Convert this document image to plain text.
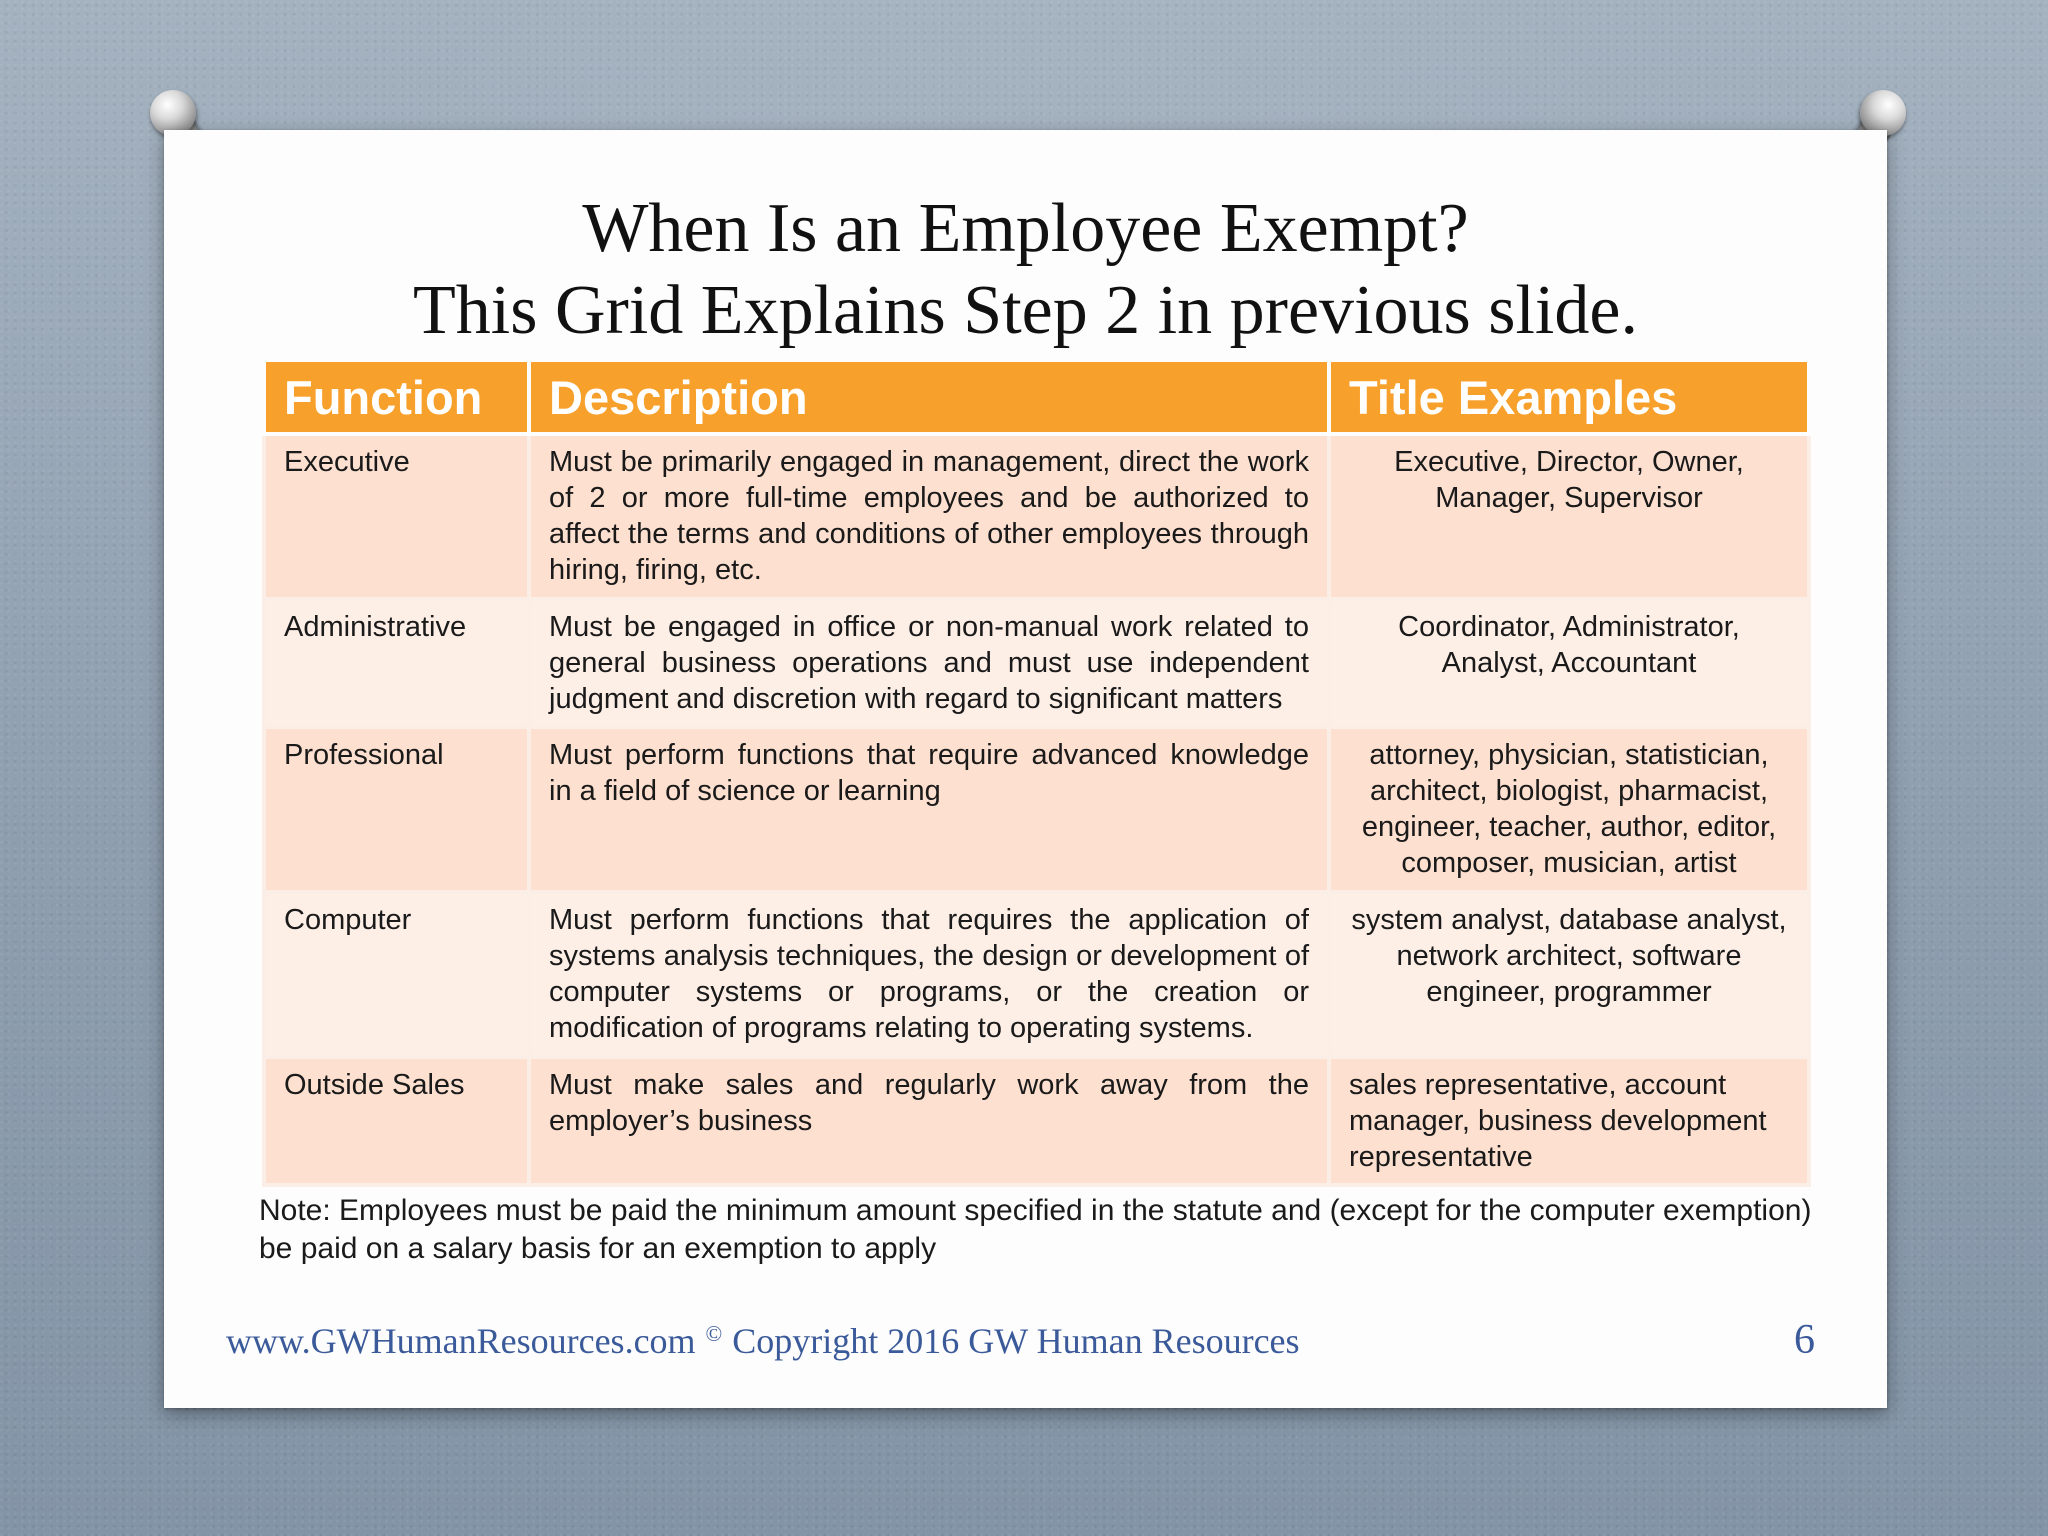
When Is an Employee Exempt?
This Grid Explains Step 2 in previous slide.
Function	Description	Title Examples
Executive	Must be primarily engaged in management, direct the work of 2 or more full-time employees and be authorized to affect the terms and conditions of other employees through hiring, firing, etc.	Executive, Director, Owner, Manager, Supervisor
Administrative	Must be engaged in office or non-manual work related to general business operations and must use independent judgment and discretion with regard to significant matters	Coordinator, Administrator, Analyst, Accountant
Professional	Must perform functions that require advanced knowledge in a field of science or learning	attorney, physician, statistician, architect, biologist, pharmacist, engineer, teacher, author, editor, composer, musician, artist
Computer	Must perform functions that requires the application of systems analysis techniques, the design or development of computer systems or programs, or the creation or modification of programs relating to operating systems.	system analyst, database analyst, network architect, software engineer, programmer
Outside Sales	Must make sales and regularly work away from the employer’s business	sales representative, account manager, business development representative
Note: Employees must be paid the minimum amount specified in the statute and (except for the computer exemption) be paid on a salary basis for an exemption to apply
www.GWHumanResources.com © Copyright 2016 GW Human Resources	6
